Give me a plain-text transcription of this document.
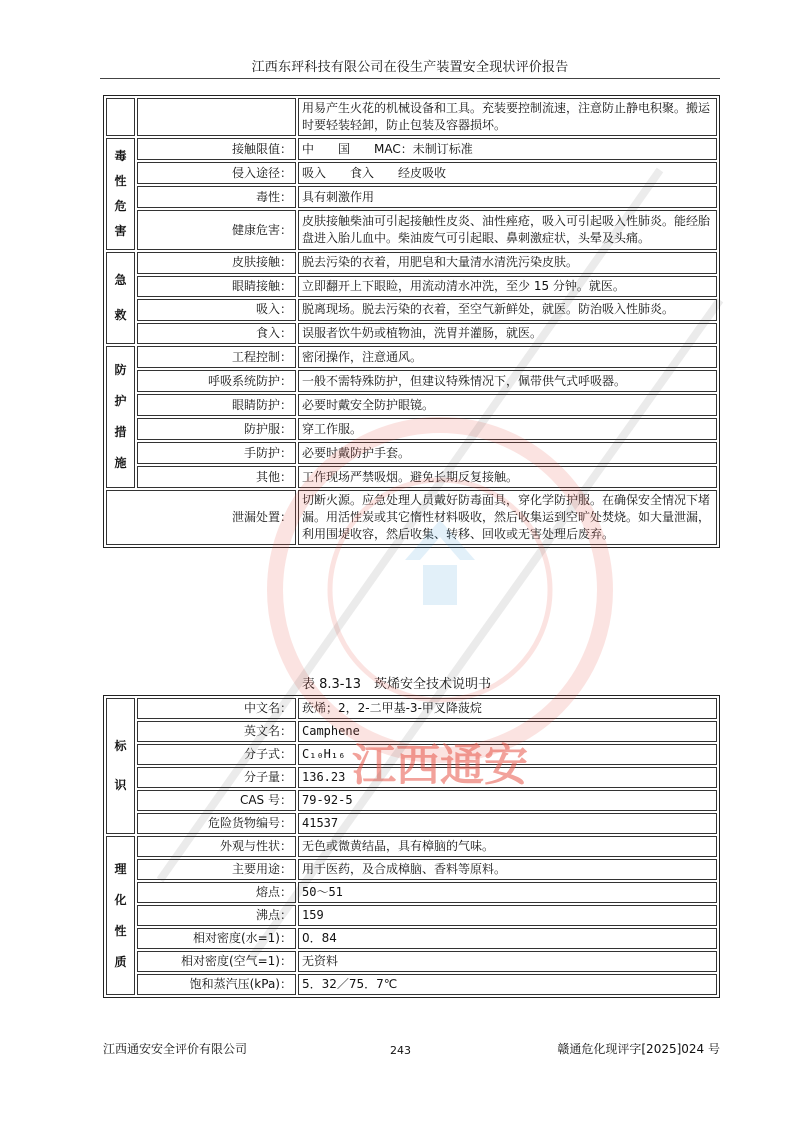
江西东玶科技有限公司在役生产装置安全现状评价报告
		用易产生火花的机械设备和工具。充装要控制流速，注意防止静电积聚。搬运时要轻装轻卸，防止包装及容器损坏。

毒
性
危
害	接触限值：	中　　国　　MAC：未制订标准
	侵入途径：	吸入　　食入　　经皮吸收
	毒性：	具有刺激作用
	健康危害：	皮肤接触柴油可引起接触性皮炎、油性痤疮，吸入可引起吸入性肺炎。能经胎盘进入胎儿血中。柴油废气可引起眼、鼻刺激症状，头晕及头痛。

急
救	皮肤接触：	脱去污染的衣着，用肥皂和大量清水清洗污染皮肤。
	眼睛接触：	立即翻开上下眼睑，用流动清水冲洗，至少 15 分钟。就医。
	吸入：	脱离现场。脱去污染的衣着，至空气新鲜处，就医。防治吸入性肺炎。
	食入：	误服者饮牛奶或植物油，洗胃并灌肠，就医。

防
护
措
施	工程控制：	密闭操作，注意通风。
	呼吸系统防护：	一般不需特殊防护，但建议特殊情况下，佩带供气式呼吸器。
	眼睛防护：	必要时戴安全防护眼镜。
	防护服：	穿工作服。
	手防护：	必要时戴防护手套。
	其他：	工作现场严禁吸烟。避免长期反复接触。
泄漏处置：		切断火源。应急处理人员戴好防毒面具，穿化学防护服。在确保安全情况下堵漏。用活性炭或其它惰性材料吸收，然后收集运到空旷处焚烧。如大量泄漏，利用围堤收容，然后收集、转移、回收或无害处理后废弃。
表 8.3-13　莰烯安全技术说明书
标
识	中文名：	莰烯；2，2-二甲基-3-甲叉降菠烷
	英文名：	Camphene
	分子式：	C₁₀H₁₆
	分子量：	136.23
	CAS 号：	79-92-5
	危险货物编号：	41537

理
化
性
质	外观与性状：	无色或微黄结晶，具有樟脑的气味。
	主要用途：	用于医药，及合成樟脑、香料等原料。
	熔点：	50～51
	沸点：	159
	相对密度(水=1)：	0．84
	相对密度(空气=1)：	无资料
	饱和蒸汽压(kPa)：	5．32／75．7℃
江西通安
江西通安安全评价有限公司	243	赣通危化现评字[2025]024 号
